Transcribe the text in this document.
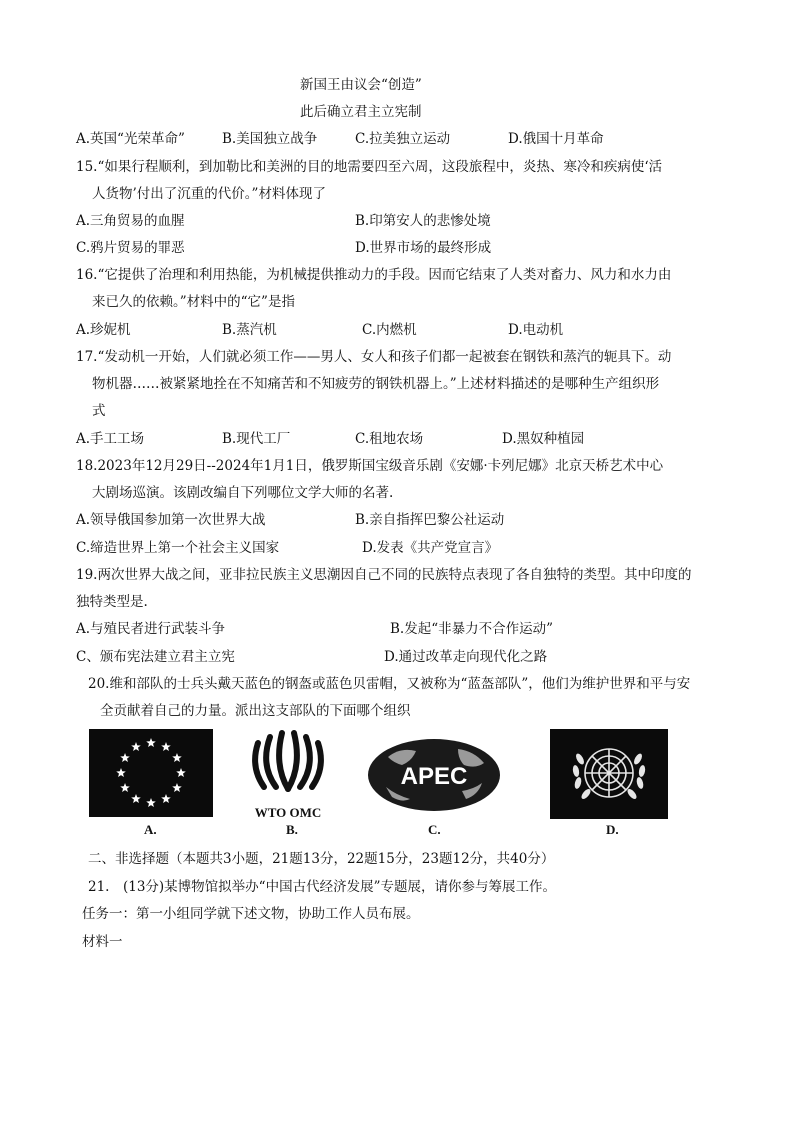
新国王由议会“创造”
此后确立君主立宪制
A.英国“光荣革命”	B.美国独立战争	C.拉美独立运动	D.俄国十月革命
15.“如果行程顺利，到加勒比和美洲的目的地需要四至六周，这段旅程中，炎热、寒冷和疾病使‘活
人货物’付出了沉重的代价。”材料体现了
A.三角贸易的血腥	B.印第安人的悲惨处境
C.鸦片贸易的罪恶	D.世界市场的最终形成
16.“它提供了治理和利用热能，为机械提供推动力的手段。因而它结束了人类对畜力、风力和水力由
来已久的依赖。”材料中的“它”是指
A.珍妮机	B.蒸汽机	C.内燃机	D.电动机
17.“发动机一开始，人们就必须工作——男人、女人和孩子们都一起被套在钢铁和蒸汽的轭具下。动
物机器……被紧紧地拴在不知痛苦和不知疲劳的钢铁机器上。”上述材料描述的是哪种生产组织形
式
A.手工工场	B.现代工厂	C.租地农场	D.黑奴种植园
18.2023年12月29日--2024年1月1日，俄罗斯国宝级音乐剧《安娜·卡列尼娜》北京天桥艺术中心
大剧场巡演。该剧改编自下列哪位文学大师的名著.
A.领导俄国参加第一次世界大战	B.亲自指挥巴黎公社运动
C.缔造世界上第一个社会主义国家	D.发表《共产党宣言》
19.两次世界大战之间，亚非拉民族主义思潮因自己不同的民族特点表现了各自独特的类型。其中印度的
独特类型是.
A.与殖民者进行武装斗争	B.发起“非暴力不合作运动”
C、颁布宪法建立君主立宪	D.通过改革走向现代化之路
20.维和部队的士兵头戴天蓝色的钢盔或蓝色贝雷帽，又被称为“蓝盔部队”，他们为维护世界和平与安
全贡献着自己的力量。派出这支部队的下面哪个组织
WTO OMC
APEC
A.	B.	C.	D.
二、非选择题（本题共3小题，21题13分，22题15分，23题12分，共40分）
21.　(13分)某博物馆拟举办“中国古代经济发展”专题展，请你参与筹展工作。
任务一：第一小组同学就下述文物，协助工作人员布展。
材料一
